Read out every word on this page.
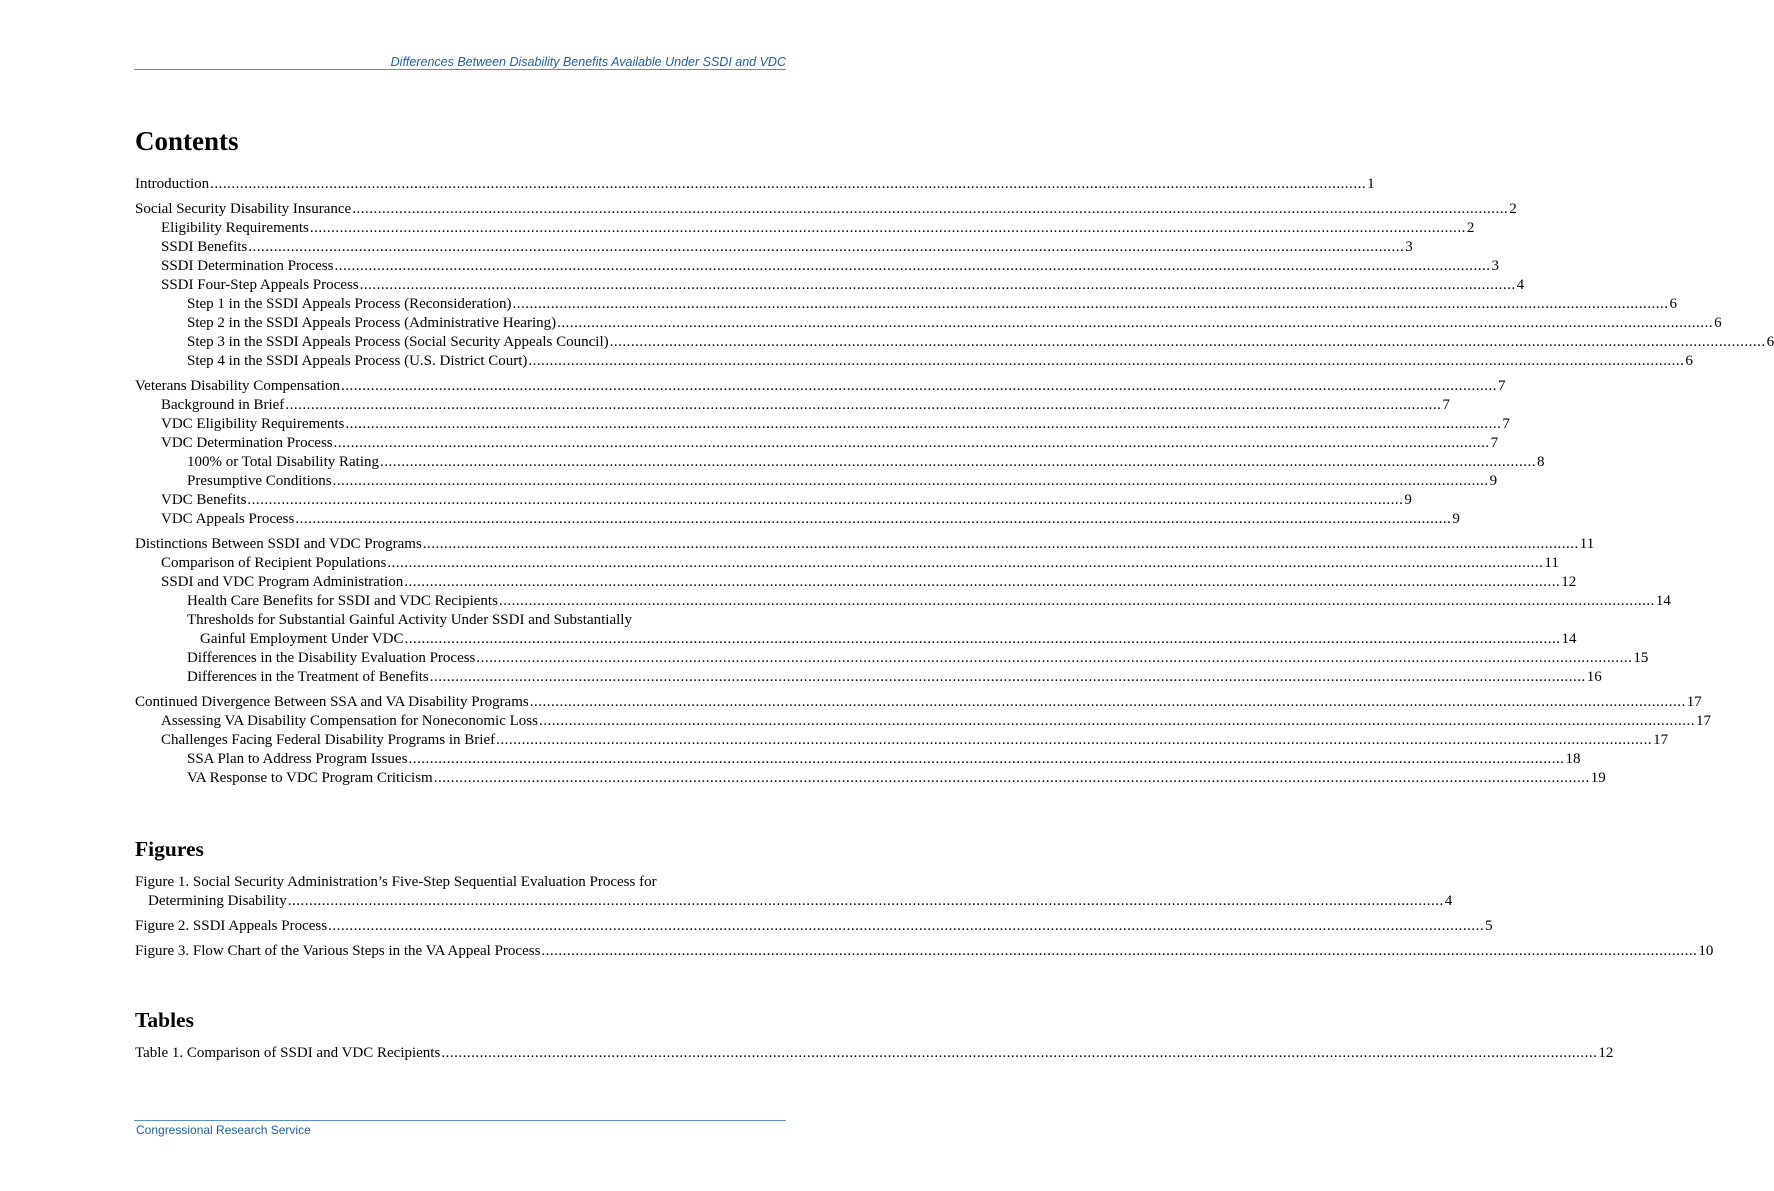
Differences Between Disability Benefits Available Under SSDI and VDC
Contents
Introduction .....	1
Social Security Disability Insurance .....	2
Eligibility Requirements .....	2
SSDI Benefits .....	3
SSDI Determination Process .....	3
SSDI Four-Step Appeals Process .....	4
Step 1 in the SSDI Appeals Process (Reconsideration) .....	6
Step 2 in the SSDI Appeals Process (Administrative Hearing) .....	6
Step 3 in the SSDI Appeals Process (Social Security Appeals Council) .....	6
Step 4 in the SSDI Appeals Process (U.S. District Court) .....	6
Veterans Disability Compensation .....	7
Background in Brief .....	7
VDC Eligibility Requirements .....	7
VDC Determination Process .....	7
100% or Total Disability Rating .....	8
Presumptive Conditions .....	9
VDC Benefits .....	9
VDC Appeals Process .....	9
Distinctions Between SSDI and VDC Programs .....	11
Comparison of Recipient Populations .....	11
SSDI and VDC Program Administration .....	12
Health Care Benefits for SSDI and VDC Recipients .....	14
Thresholds for Substantial Gainful Activity Under SSDI and Substantially
Gainful Employment Under VDC .....	14
Differences in the Disability Evaluation Process .....	15
Differences in the Treatment of Benefits .....	16
Continued Divergence Between SSA and VA Disability Programs .....	17
Assessing VA Disability Compensation for Noneconomic Loss .....	17
Challenges Facing Federal Disability Programs in Brief .....	17
SSA Plan to Address Program Issues .....	18
VA Response to VDC Program Criticism .....	19
Figures
Figure 1. Social Security Administration’s Five-Step Sequential Evaluation Process for
Determining Disability .....	4
Figure 2. SSDI Appeals Process .....	5
Figure 3. Flow Chart of the Various Steps in the VA Appeal Process .....	10
Tables
Table 1. Comparison of SSDI and VDC Recipients .....	12
Congressional Research Service
